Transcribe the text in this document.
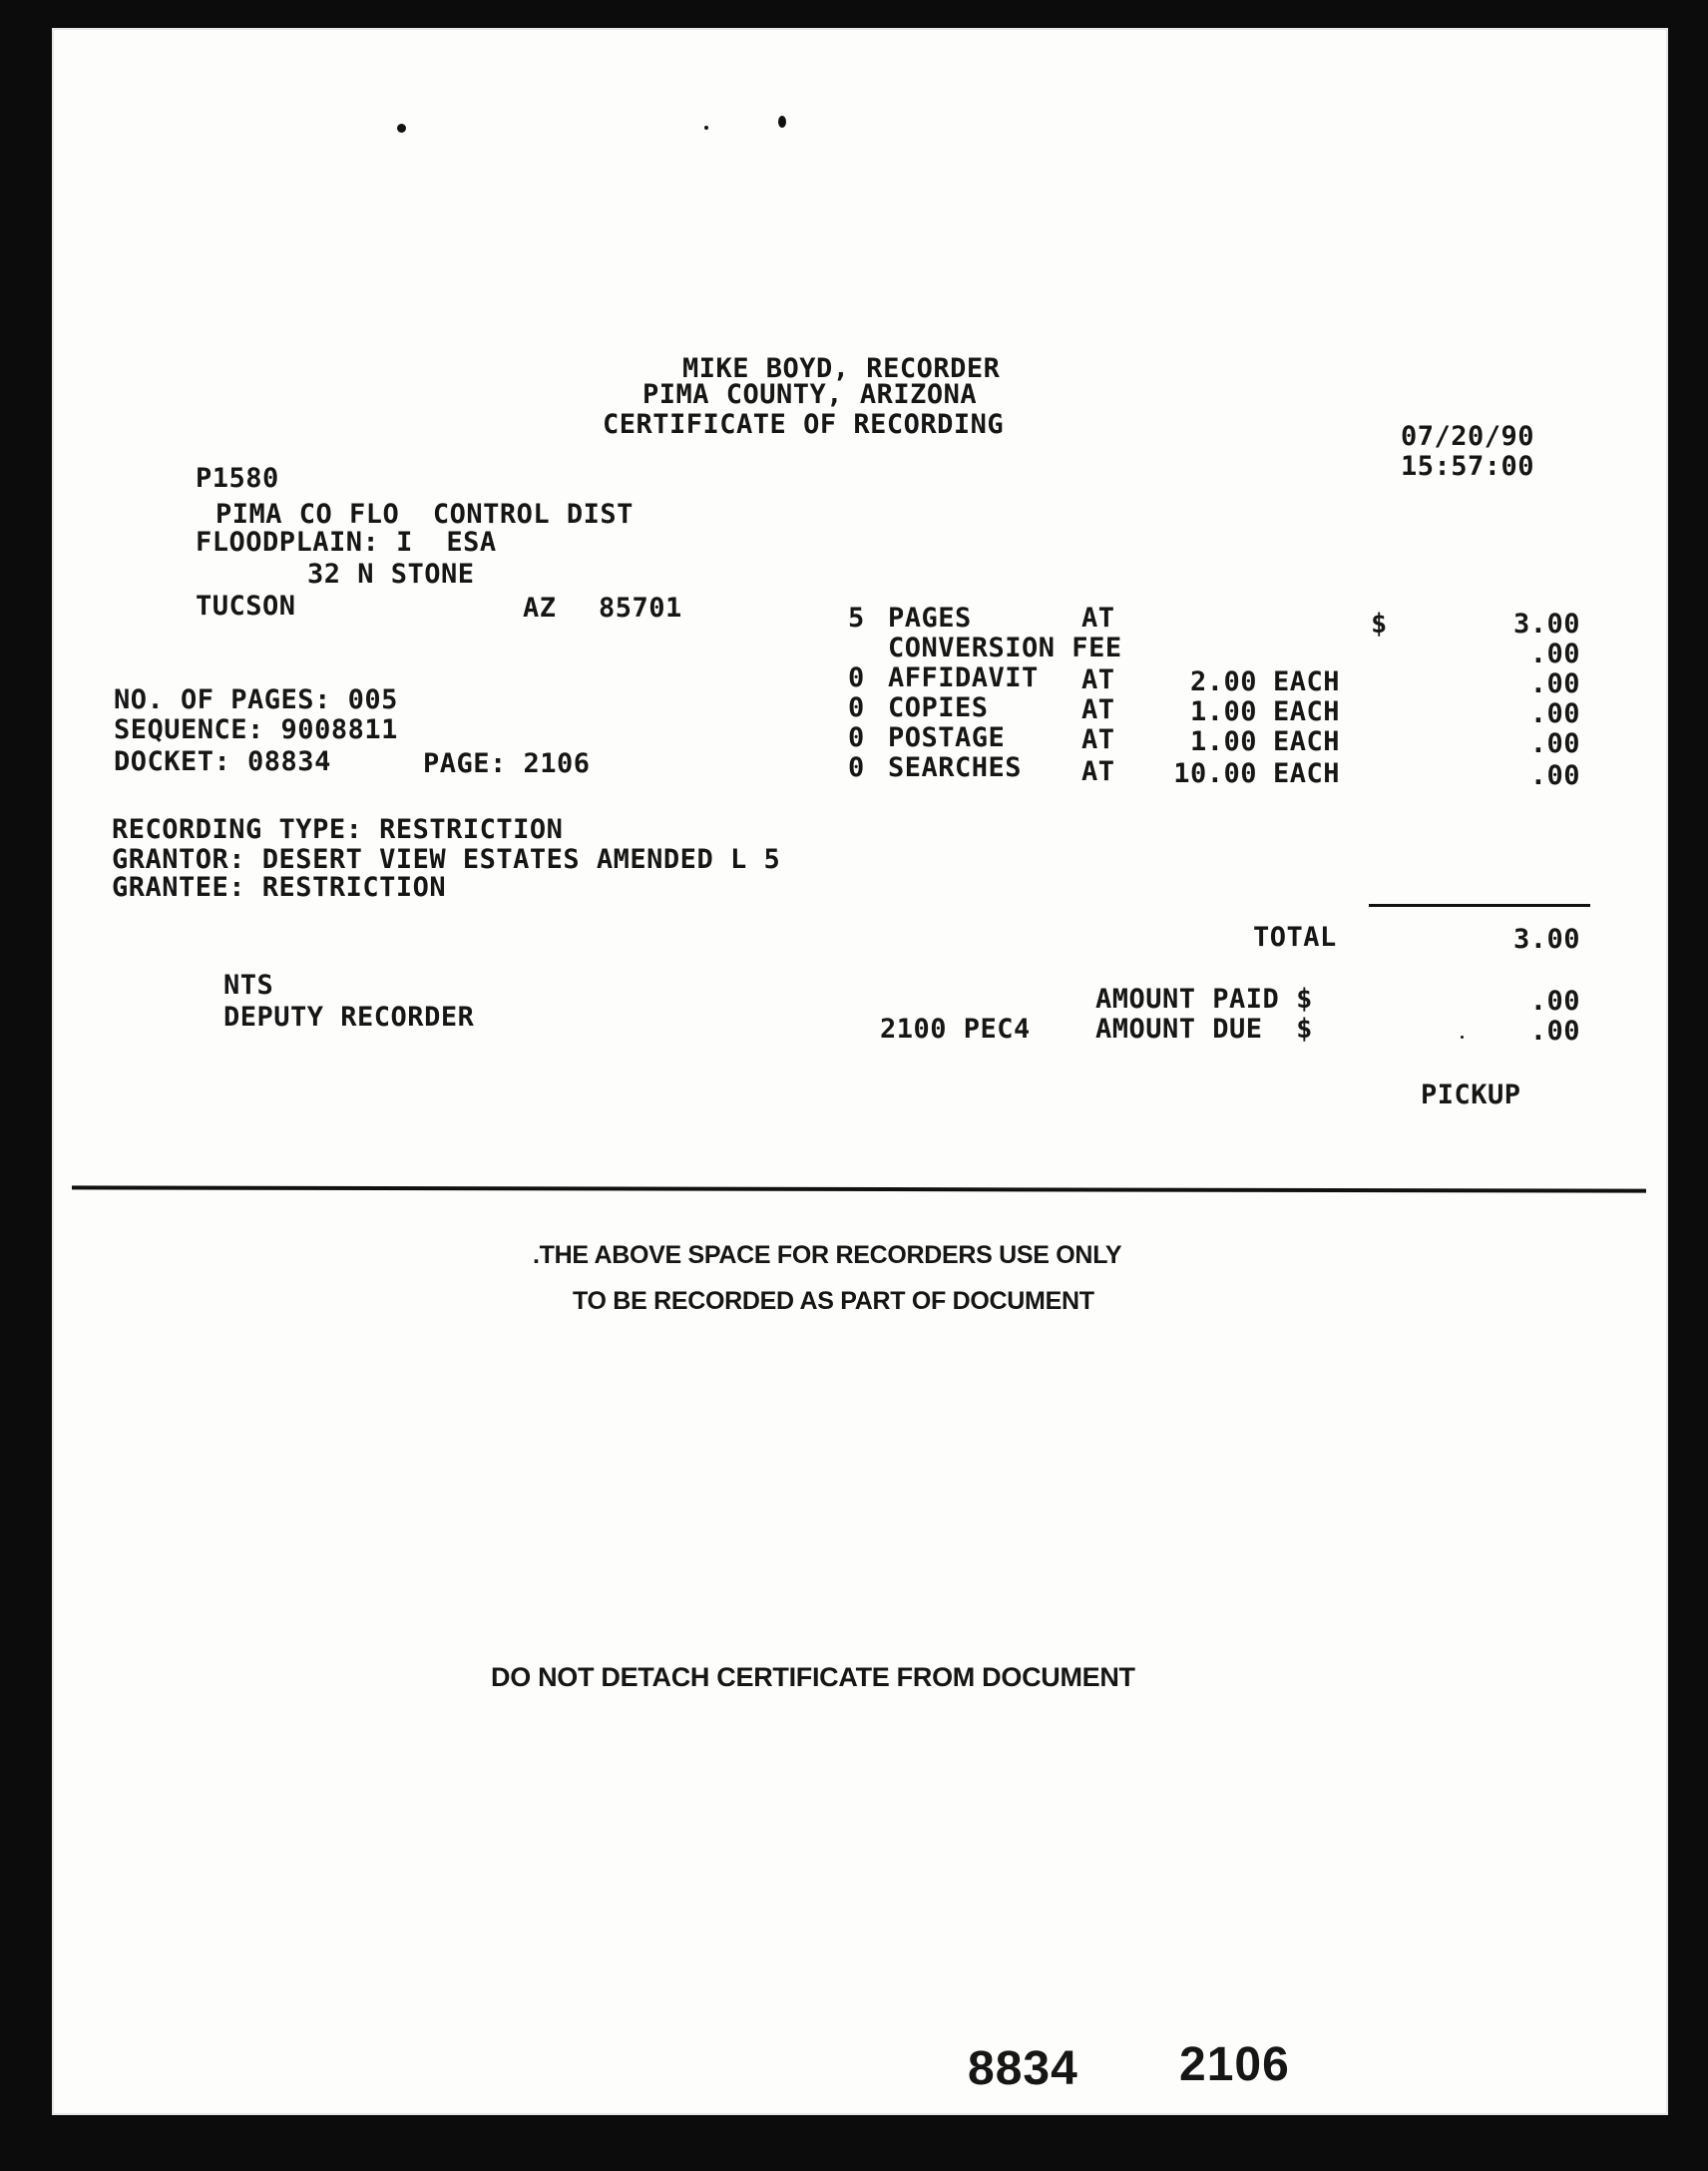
MIKE BOYD, RECORDER
PIMA COUNTY, ARIZONA
CERTIFICATE OF RECORDING	07/20/90
15:57:00
P1580
PIMA CO FLO  CONTROL DIST
FLOODPLAIN: I  ESA
32 N STONE
TUCSON	AZ 85701
NO. OF PAGES: 005
SEQUENCE: 9008811
DOCKET: 08834	PAGE: 2106
RECORDING TYPE: RESTRICTION
GRANTOR: DESERT VIEW ESTATES AMENDED L 5
GRANTEE: RESTRICTION
5 PAGES	AT	$	3.00
CONVERSION FEE	.00
0 AFFIDAVIT AT	2.00 EACH	.00
0 COPIES	AT	1.00 EACH	.00
0 POSTAGE	AT	1.00 EACH	.00
0 SEARCHES AT	10.00 EACH	.00
TOTAL	3.00
NTS
DEPUTY RECORDER
AMOUNT PAID $	.00
2100 PEC4 AMOUNT DUE  $	.00
PICKUP
.THE ABOVE SPACE FOR RECORDERS USE ONLY
TO BE RECORDED AS PART OF DOCUMENT
DO NOT DETACH CERTIFICATE FROM DOCUMENT
8834 2106
